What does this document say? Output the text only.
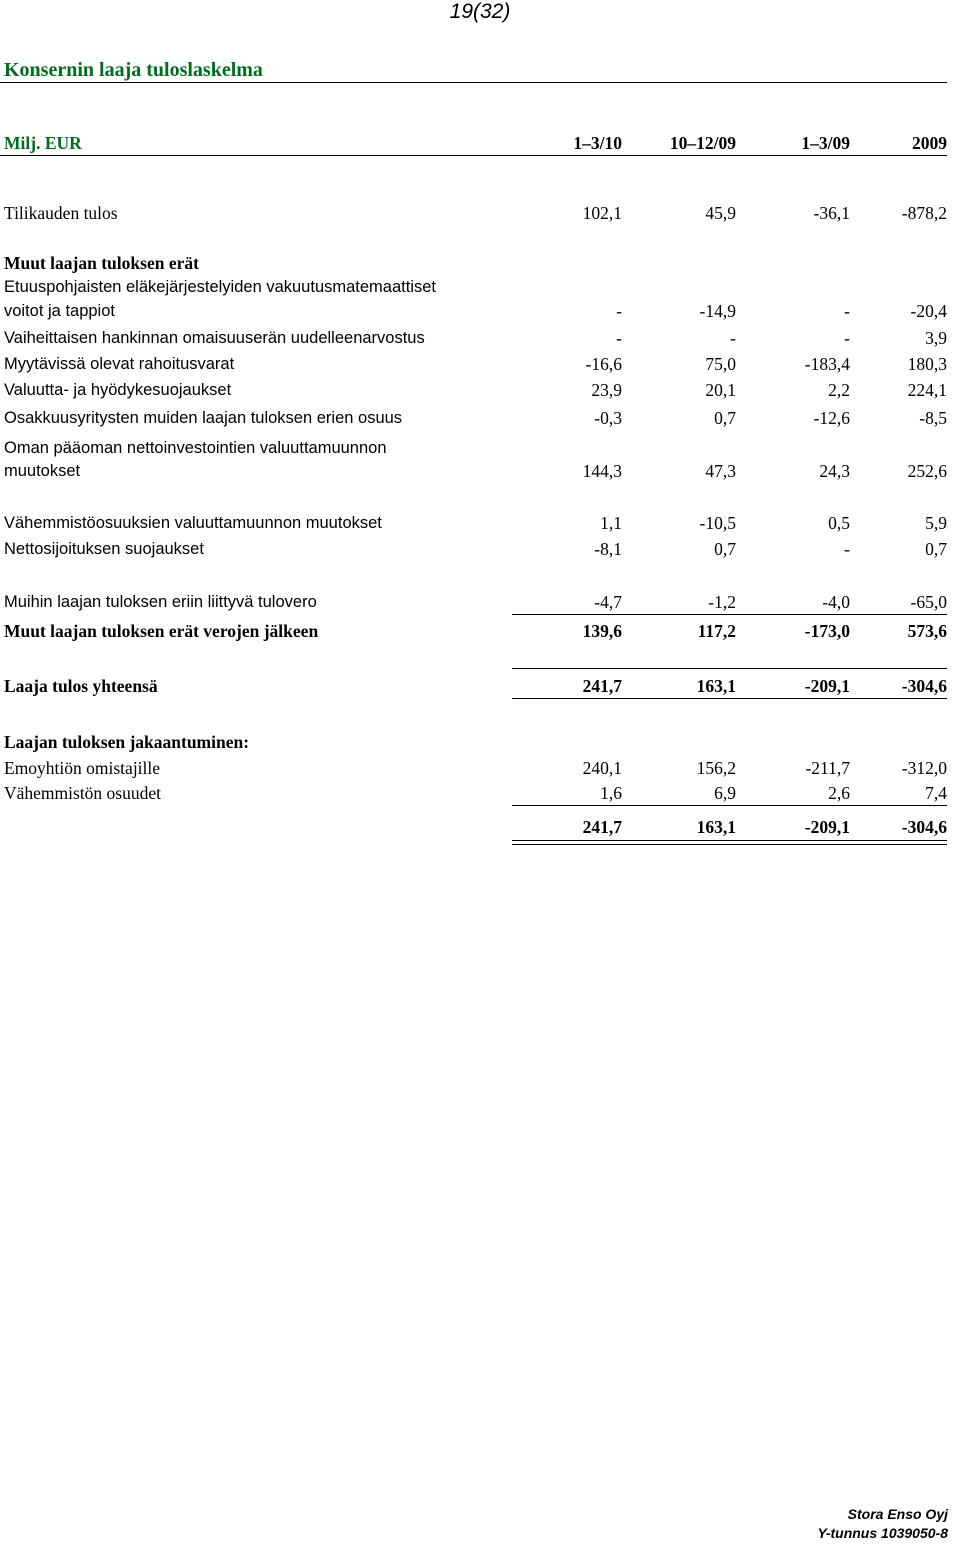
19(32)
Konsernin laaja tuloslaskelma
Milj. EUR	1–3/10	10–12/09	1–3/09	2009
Tilikauden tulos	102,1	45,9	-36,1	-878,2
Muut laajan tuloksen erät
Etuuspohjaisten eläkejärjestelyiden vakuutusmatemaattiset
voitot ja tappiot	-	-14,9	-	-20,4
Vaiheittaisen hankinnan omaisuuserän uudelleenarvostus	-	-	-	3,9
Myytävissä olevat rahoitusvarat	-16,6	75,0	-183,4	180,3
Valuutta- ja hyödykesuojaukset	23,9	20,1	2,2	224,1
Osakkuusyritysten muiden laajan tuloksen erien osuus	-0,3	0,7	-12,6	-8,5
Oman pääoman nettoinvestointien valuuttamuunnon
muutokset	144,3	47,3	24,3	252,6
Vähemmistöosuuksien valuuttamuunnon muutokset	1,1	-10,5	0,5	5,9
Nettosijoituksen suojaukset	-8,1	0,7	-	0,7
Muihin laajan tuloksen eriin liittyvä tulovero	-4,7	-1,2	-4,0	-65,0
Muut laajan tuloksen erät verojen jälkeen	139,6	117,2	-173,0	573,6
Laaja tulos yhteensä	241,7	163,1	-209,1	-304,6
Laajan tuloksen jakaantuminen:
Emoyhtiön omistajille	240,1	156,2	-211,7	-312,0
Vähemmistön osuudet	1,6	6,9	2,6	7,4
241,7	163,1	-209,1	-304,6
Stora Enso Oyj
Y-tunnus 1039050-8
